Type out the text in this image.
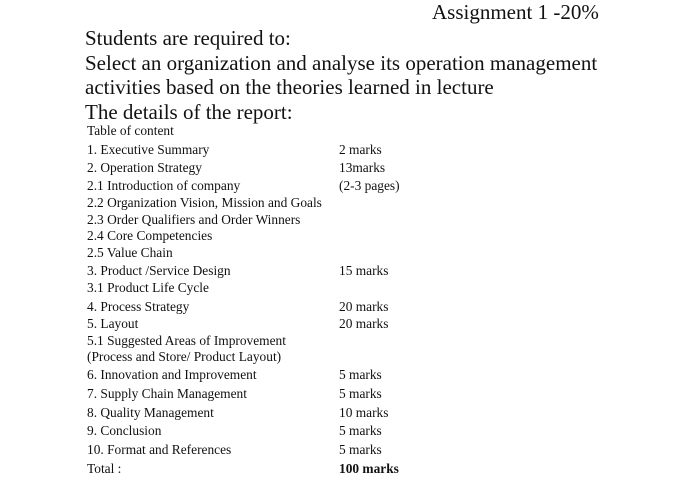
Assignment 1 -20%
Students are required to:
Select an organization and analyse its operation management
activities based on the theories learned in lecture
The details of the report:
Table of content
1. Executive Summary	2 marks
2. Operation Strategy	13marks
2.1 Introduction of company	(2-3 pages)
2.2 Organization Vision, Mission and Goals
2.3 Order Qualifiers and Order Winners
2.4 Core Competencies
2.5 Value Chain
3. Product /Service Design	15 marks
3.1 Product Life Cycle
4. Process Strategy	20 marks
5. Layout	20 marks
5.1 Suggested Areas of Improvement
(Process and Store/ Product Layout)
6. Innovation and Improvement	5 marks
7. Supply Chain Management	5 marks
8. Quality Management	10 marks
9. Conclusion	5 marks
10. Format and References	5 marks
Total :	100 marks
